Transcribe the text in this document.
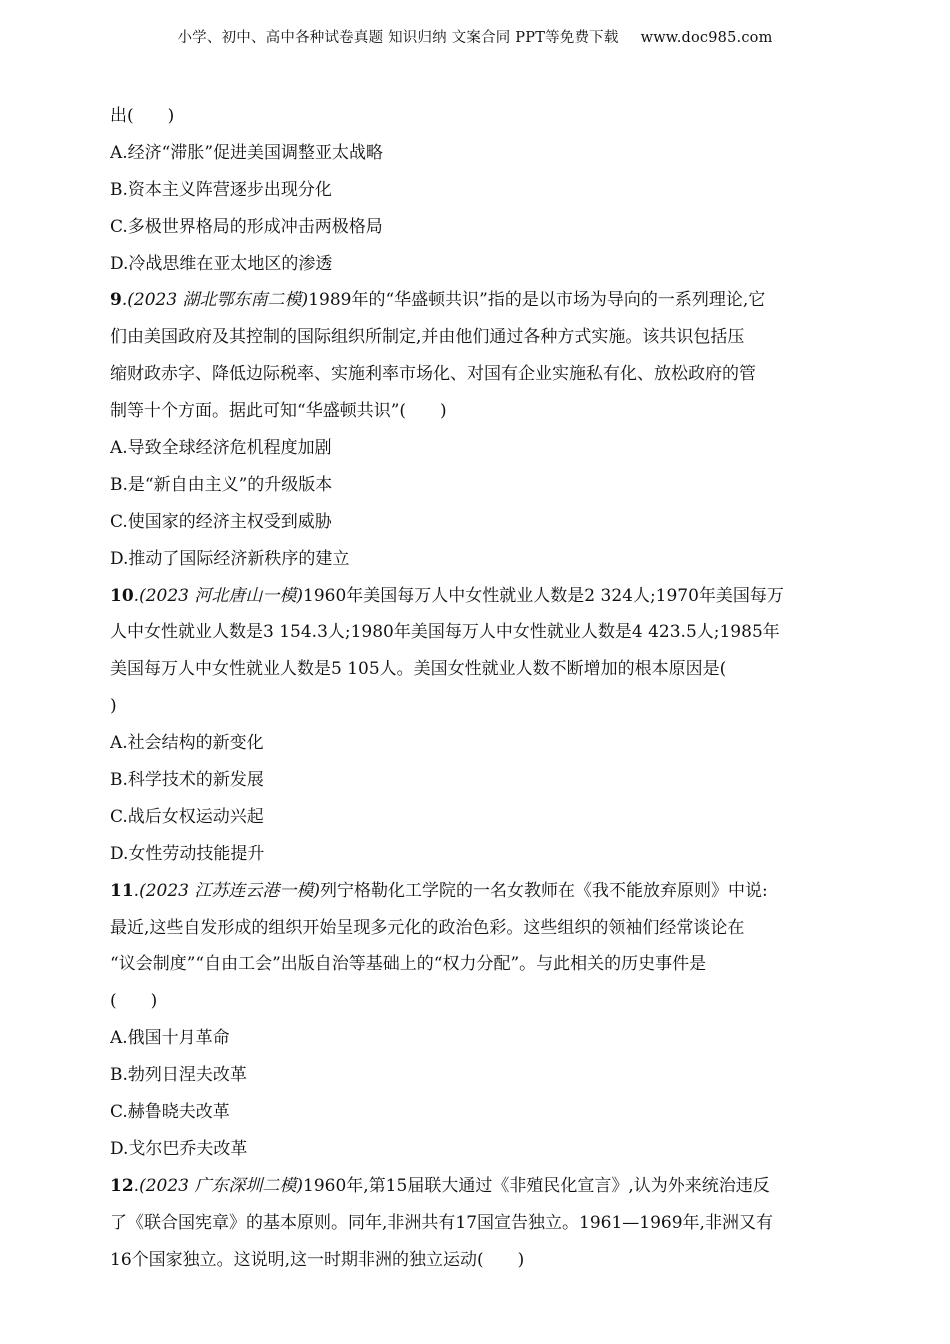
小学、初中、高中各种试卷真题 知识归纳 文案合同 PPT等免费下载 www.doc985.com
出(　　)
A.经济“滞胀”促进美国调整亚太战略
B.资本主义阵营逐步出现分化
C.多极世界格局的形成冲击两极格局
D.冷战思维在亚太地区的渗透
9.(2023 湖北鄂东南二模)1989年的“华盛顿共识”指的是以市场为导向的一系列理论,它
们由美国政府及其控制的国际组织所制定,并由他们通过各种方式实施。该共识包括压
缩财政赤字、降低边际税率、实施利率市场化、对国有企业实施私有化、放松政府的管
制等十个方面。据此可知“华盛顿共识”(　　)
A.导致全球经济危机程度加剧
B.是“新自由主义”的升级版本
C.使国家的经济主权受到威胁
D.推动了国际经济新秩序的建立
10.(2023 河北唐山一模)1960年美国每万人中女性就业人数是2 324人;1970年美国每万
人中女性就业人数是3 154.3人;1980年美国每万人中女性就业人数是4 423.5人;1985年
美国每万人中女性就业人数是5 105人。美国女性就业人数不断增加的根本原因是(
)
A.社会结构的新变化
B.科学技术的新发展
C.战后女权运动兴起
D.女性劳动技能提升
11.(2023 江苏连云港一模)列宁格勒化工学院的一名女教师在《我不能放弃原则》中说:
最近,这些自发形成的组织开始呈现多元化的政治色彩。这些组织的领袖们经常谈论在
“议会制度”“自由工会”出版自治等基础上的“权力分配”。与此相关的历史事件是
(　　)
A.俄国十月革命
B.勃列日涅夫改革
C.赫鲁晓夫改革
D.戈尔巴乔夫改革
12.(2023 广东深圳二模)1960年,第15届联大通过《非殖民化宣言》,认为外来统治违反
了《联合国宪章》的基本原则。同年,非洲共有17国宣告独立。1961—1969年,非洲又有
16个国家独立。这说明,这一时期非洲的独立运动(　　)
